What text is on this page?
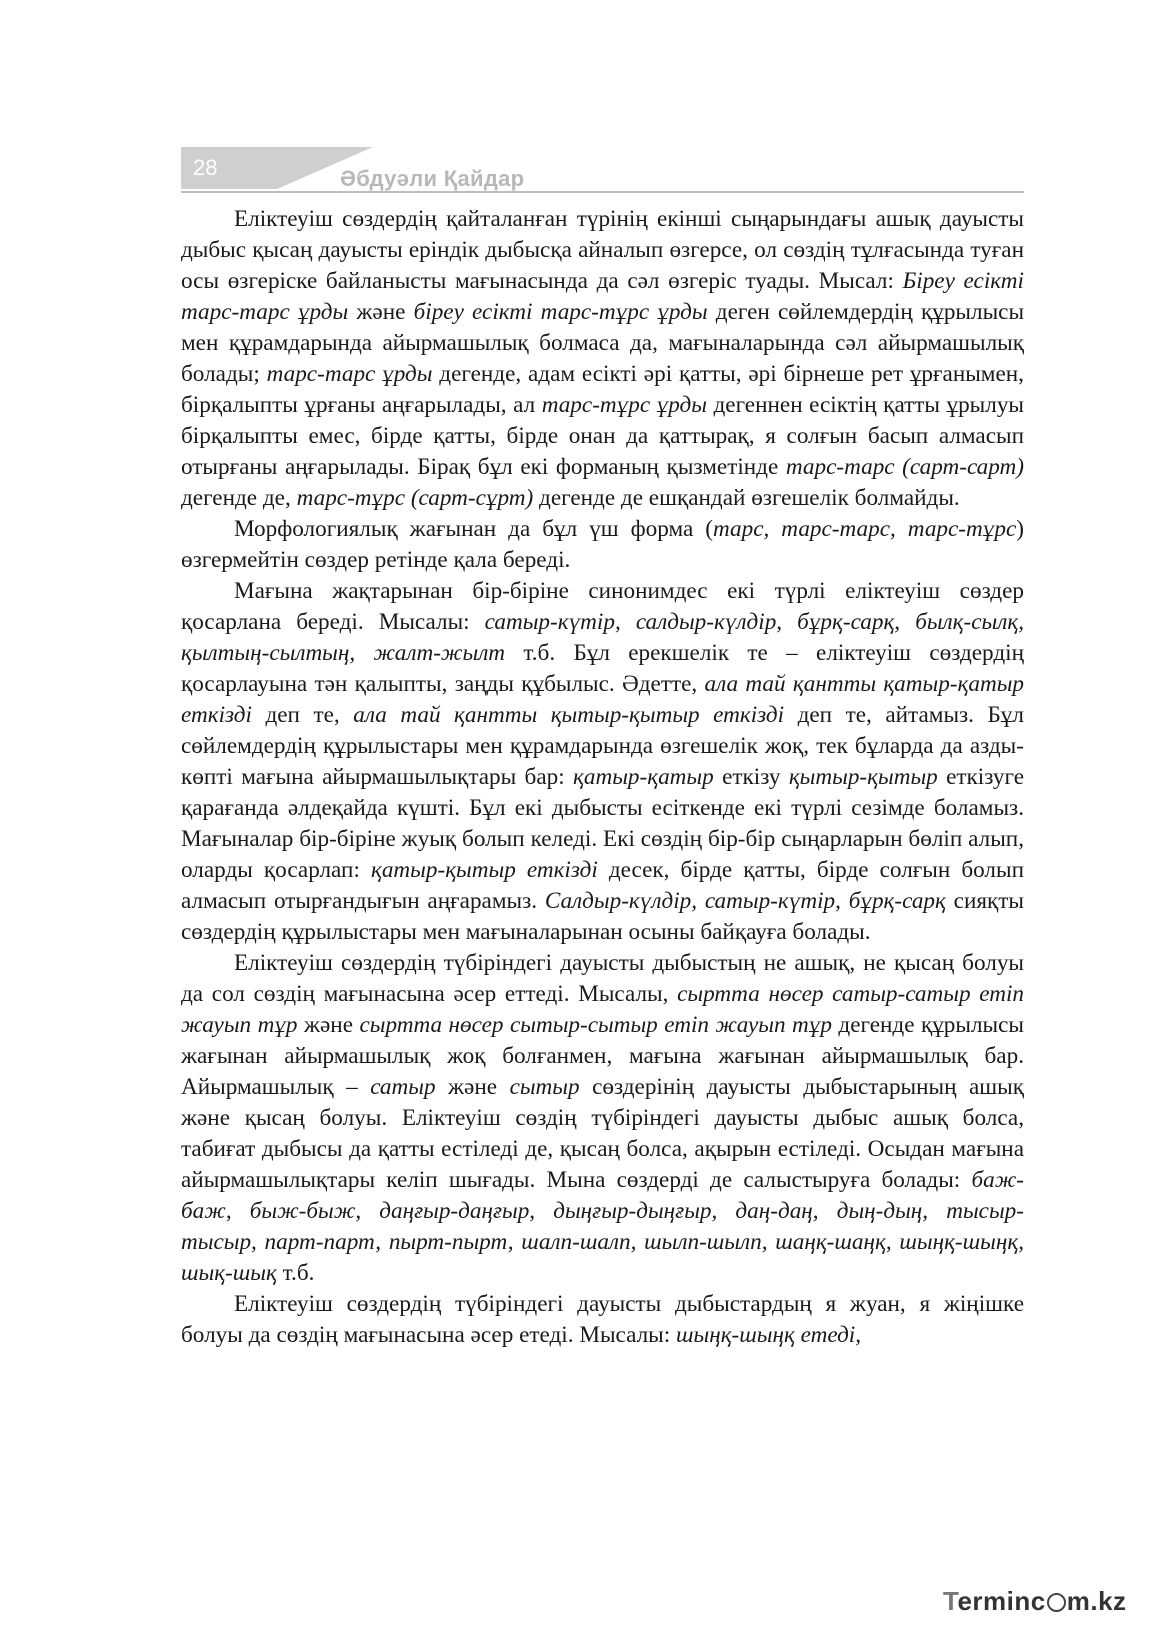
28	Әбдуәли Қайдар

Еліктеуіш сөздердің қайталанған түрінің екінші сыңарындағы ашық дауысты дыбыс қысаң дауысты еріндік дыбысқа айналып өзгерсе, ол сөздің тұлғасында туған осы өзгеріске байланысты мағынасында да сәл өзгеріс туады. Мысал: Біреу есікті тарс-тарс ұрды және біреу есікті тарс-тұрс ұрды деген сөйлемдердің құрылысы мен құрамдарында айырмашылық болмаса да, мағыналарында сәл айырмашылық болады; тарс-тарс ұрды дегенде, адам есікті әрі қатты, әрі бірнеше рет ұрғанымен, бірқалыпты ұрғаны аңғарылады, ал тарс-тұрс ұрды дегеннен есіктің қатты ұрылуы бірқалыпты емес, бірде қатты, бірде онан да қаттырақ, я солғын басып алмасып отырғаны аңғарылады. Бірақ бұл екі форманың қызметінде тарс-тарс (сарт-сарт) дегенде де, тарс-тұрс (сарт-сұрт) дегенде де ешқандай өзгешелік болмайды.

Морфологиялық жағынан да бұл үш форма (тарс, тарс-тарс, тарс-тұрс) өзгермейтін сөздер ретінде қала береді.

Мағына жақтарынан бір-біріне синонимдес екі түрлі еліктеуіш сөздер қосарлана береді. Мысалы: сатыр-күтір, салдыр-күлдір, бұрқ-сарқ, былқ-сылқ, қылтың-сылтың, жалт-жылт т.б. Бұл ерекшелік те – еліктеуіш сөздердің қосарлауына тән қалыпты, заңды құбылыс. Әдетте, ала тай қантты қатыр-қатыр еткізді деп те, ала тай қантты қытыр-қытыр еткізді деп те, айтамыз. Бұл сөйлемдердің құрылыстары мен құрамдарында өзгешелік жоқ, тек бұларда да азды-көпті мағына айырмашылықтары бар: қатыр-қатыр еткізу қытыр-қытыр еткізуге қарағанда әлдеқайда күшті. Бұл екі дыбысты есіткенде екі түрлі сезімде боламыз. Мағыналар бір-біріне жуық болып келеді. Екі сөздің бір-бір сыңарларын бөліп алып, оларды қосарлап: қатыр-қытыр еткізді десек, бірде қатты, бірде солғын болып алмасып отырғандығын аңғарамыз. Салдыр-күлдір, сатыр-күтір, бұрқ-сарқ сияқты сөздердің құрылыстары мен мағыналарынан осыны байқауға болады.

Еліктеуіш сөздердің түбіріндегі дауысты дыбыстың не ашық, не қысаң болуы да сол сөздің мағынасына әсер еттеді. Мысалы, сыртта нөсер сатыр-сатыр етіп жауып тұр және сыртта нөсер сытыр-сытыр етіп жауып тұр дегенде құрылысы жағынан айырмашылық жоқ болғанмен, мағына жағынан айырмашылық бар. Айырмашылық – сатыр және сытыр сөздерінің дауысты дыбыстарының ашық және қысаң болуы. Еліктеуіш сөздің түбіріндегі дауысты дыбыс ашық болса, табиғат дыбысы да қатты естіледі де, қысаң болса, ақырын естіледі. Осыдан мағына айырмашылықтары келіп шығады. Мына сөздерді де салыстыруға болады: баж-баж, быж-быж, даңғыр-даңғыр, дыңғыр-дыңғыр, даң-даң, дың-дың, тысыр-тысыр, парт-парт, пырт-пырт, шалп-шалп, шылп-шылп, шаңқ-шаңқ, шыңқ-шыңқ, шық-шық т.б.

Еліктеуіш сөздердің түбіріндегі дауысты дыбыстардың я жуан, я жіңішке болуы да сөздің мағынасына әсер етеді. Мысалы: шыңқ-шыңқ етеді,

Terminc m.kz
